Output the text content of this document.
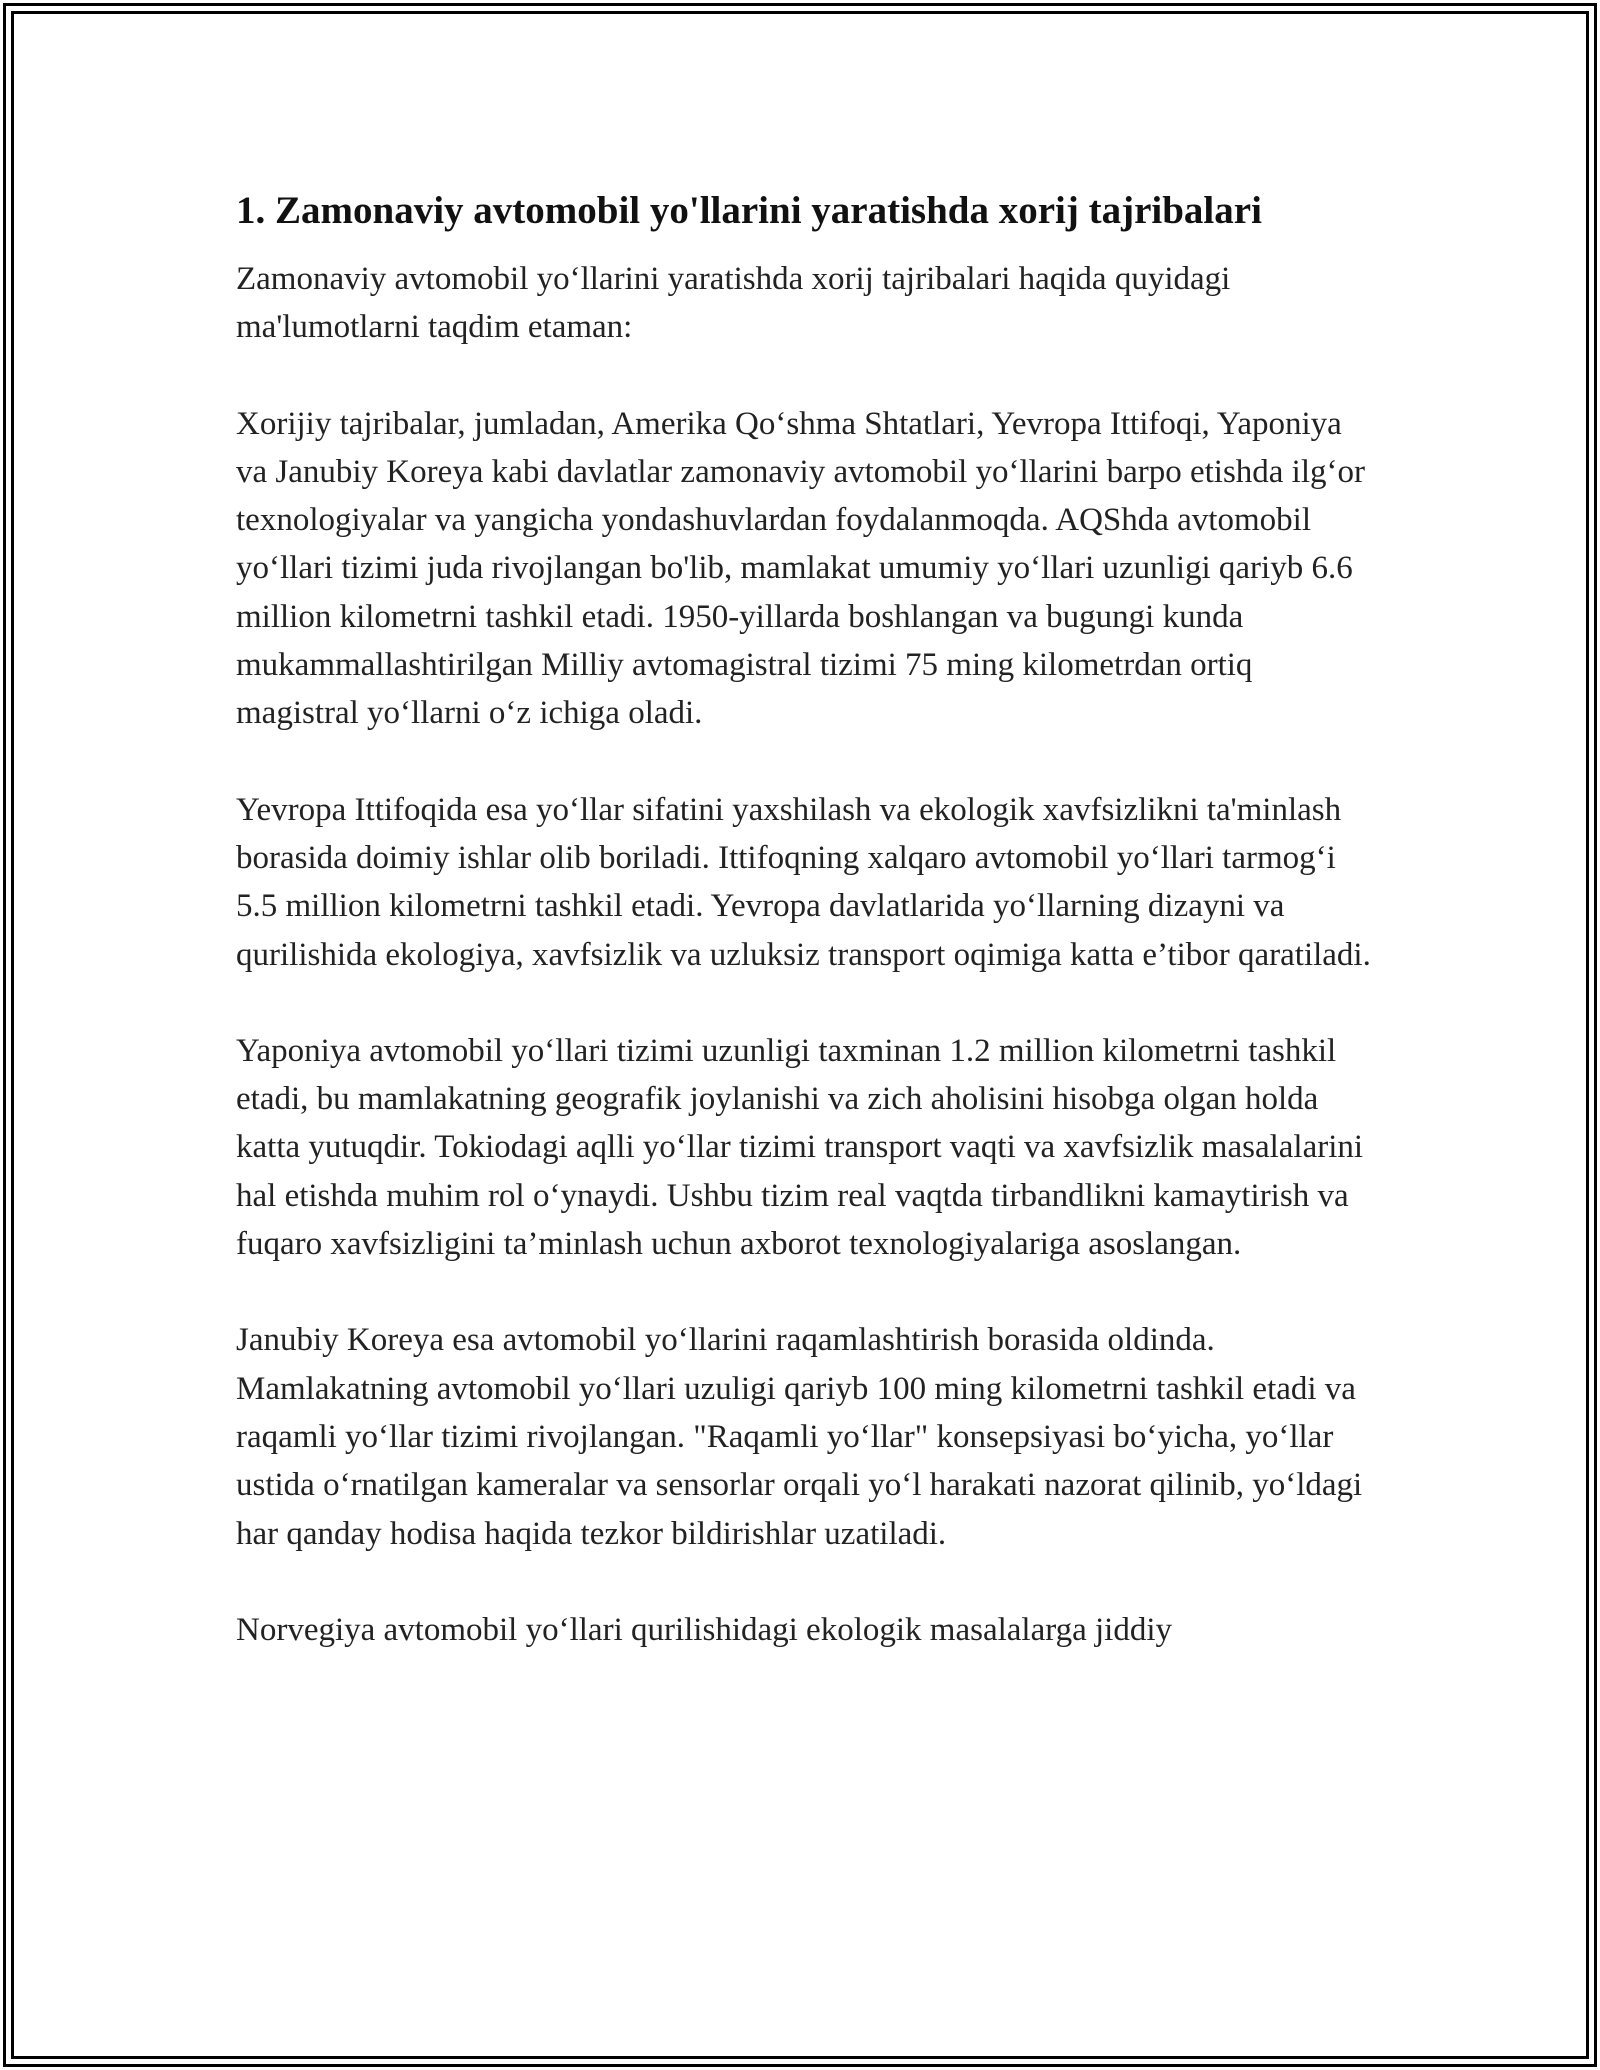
1. Zamonaviy avtomobil yo'llarini yaratishda xorij tajribalari

Zamonaviy avtomobil yo‘llarini yaratishda xorij tajribalari haqida quyidagi ma'lumotlarni taqdim etaman:

Xorijiy tajribalar, jumladan, Amerika Qo‘shma Shtatlari, Yevropa Ittifoqi, Yaponiya va Janubiy Koreya kabi davlatlar zamonaviy avtomobil yo‘llarini barpo etishda ilg‘or texnologiyalar va yangicha yondashuvlardan foydalanmoqda. AQShda avtomobil yo‘llari tizimi juda rivojlangan bo'lib, mamlakat umumiy yo‘llari uzunligi qariyb 6.6 million kilometrni tashkil etadi. 1950-yillarda boshlangan va bugungi kunda mukammallashtirilgan Milliy avtomagistral tizimi 75 ming kilometrdan ortiq magistral yo‘llarni o‘z ichiga oladi.

Yevropa Ittifoqida esa yo‘llar sifatini yaxshilash va ekologik xavfsizlikni ta'minlash borasida doimiy ishlar olib boriladi. Ittifoqning xalqaro avtomobil yo‘llari tarmog‘i 5.5 million kilometrni tashkil etadi. Yevropa davlatlarida yo‘llarning dizayni va qurilishida ekologiya, xavfsizlik va uzluksiz transport oqimiga katta e’tibor qaratiladi.

Yaponiya avtomobil yo‘llari tizimi uzunligi taxminan 1.2 million kilometrni tashkil etadi, bu mamlakatning geografik joylanishi va zich aholisini hisobga olgan holda katta yutuqdir. Tokiodagi aqlli yo‘llar tizimi transport vaqti va xavfsizlik masalalarini hal etishda muhim rol o‘ynaydi. Ushbu tizim real vaqtda tirbandlikni kamaytirish va fuqaro xavfsizligini ta’minlash uchun axborot texnologiyalariga asoslangan.

Janubiy Koreya esa avtomobil yo‘llarini raqamlashtirish borasida oldinda. Mamlakatning avtomobil yo‘llari uzuligi qariyb 100 ming kilometrni tashkil etadi va raqamli yo‘llar tizimi rivojlangan. "Raqamli yo‘llar" konsepsiyasi bo‘yicha, yo‘llar ustida o‘rnatilgan kameralar va sensorlar orqali yo‘l harakati nazorat qilinib, yo‘ldagi har qanday hodisa haqida tezkor bildirishlar uzatiladi.

Norvegiya avtomobil yo‘llari qurilishidagi ekologik masalalarga jiddiy
